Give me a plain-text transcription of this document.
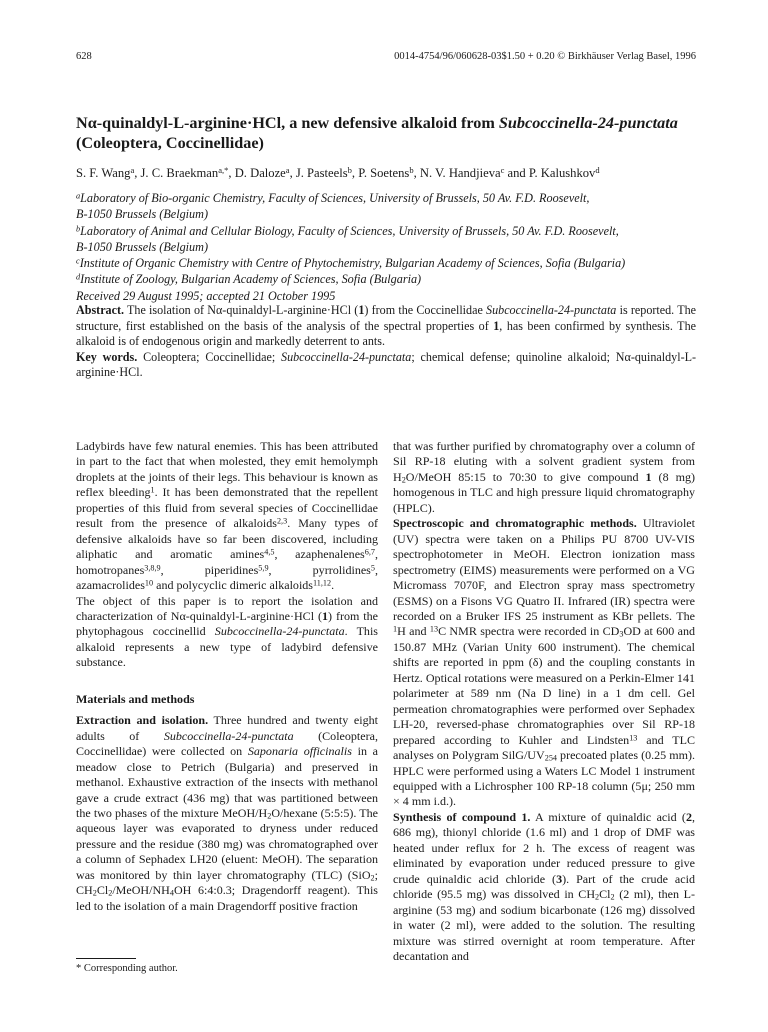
628	0014-4754/96/060628-03$1.50 + 0.20 © Birkhäuser Verlag Basel, 1996
Nα-quinaldyl-L-arginine·HCl, a new defensive alkaloid from Subcoccinella-24-punctata
(Coleoptera, Coccinellidae)

S. F. Wang$^a$, J. C. Braekman$^{a,*}$, D. Daloze$^a$, J. Pasteels$^b$, P. Soetens$^b$, N. V. Handjieva$^c$ and P. Kalushkov$^d$

$^a$Laboratory of Bio-organic Chemistry, Faculty of Sciences, University of Brussels, 50 Av. F.D. Roosevelt,
B-1050 Brussels (Belgium)
$^b$Laboratory of Animal and Cellular Biology, Faculty of Sciences, University of Brussels, 50 Av. F.D. Roosevelt,
B-1050 Brussels (Belgium)
$^c$Institute of Organic Chemistry with Centre of Phytochemistry, Bulgarian Academy of Sciences, Sofia (Bulgaria)
$^d$Institute of Zoology, Bulgarian Academy of Sciences, Sofia (Bulgaria)
Received 29 August 1995; accepted 21 October 1995

Abstract. The isolation of Nα-quinaldyl-L-arginine·HCl (1) from the Coccinellidae Subcoccinella-24-punctata is reported. The structure, first established on the basis of the analysis of the spectral properties of 1, has been confirmed by synthesis. The alkaloid is of endogenous origin and markedly deterrent to ants.

Key words. Coleoptera; Coccinellidae; Subcoccinella-24-punctata; chemical defense; quinoline alkaloid; Nα-quinaldyl-L-arginine·HCl.

Ladybirds have few natural enemies. This has been attributed in part to the fact that when molested, they emit hemolymph droplets at the joints of their legs. This behaviour is known as reflex bleeding$^1$. It has been demonstrated that the repellent properties of this fluid from several species of Coccinellidae result from the presence of alkaloids$^{2,3}$. Many types of defensive alkaloids have so far been discovered, including aliphatic and aromatic amines$^{4,5}$, azaphenalenes$^{6,7}$, homotropanes$^{3,8,9}$, piperidines$^{5,9}$, pyrrolidines$^5$, azamacrolides$^{10}$ and polycyclic dimeric alkaloids$^{11,12}$.

The object of this paper is to report the isolation and characterization of Nα-quinaldyl-L-arginine·HCl (1) from the phytophagous coccinellid Subcoccinella-24-punctata. This alkaloid represents a new type of ladybird defensive substance.

Materials and methods

Extraction and isolation. Three hundred and twenty eight adults of Subcoccinella-24-punctata (Coleoptera, Coccinellidae) were collected on Saponaria officinalis in a meadow close to Petrich (Bulgaria) and preserved in methanol. Exhaustive extraction of the insects with methanol gave a crude extract (436 mg) that was partitioned between the two phases of the mixture MeOH/$H_2O$/hexane (5:5:5). The aqueous layer was evaporated to dryness under reduced pressure and the residue (380 mg) was chromatographed over a column of Sephadex LH20 (eluent: MeOH). The separation was monitored by thin layer chromatography (TLC) (SiO$_2$; $CH_2Cl_2/MeOH/NH_4OH$ 6:4:0.3; Dragendorff reagent). This led to the isolation of a main Dragendorff positive fraction

that was further purified by chromatography over a column of Sil RP-18 eluting with a solvent gradient system from $H_2O$/MeOH 85:15 to 70:30 to give compound 1 (8 mg) homogenous in TLC and high pressure liquid chromatography (HPLC).

Spectroscopic and chromatographic methods. Ultraviolet (UV) spectra were taken on a Philips PU 8700 UV-VIS spectrophotometer in MeOH. Electron ionization mass spectrometry (EIMS) measurements were performed on a VG Micromass 7070F, and Electron spray mass spectrometry (ESMS) on a Fisons VG Quatro II. Infrared (IR) spectra were recorded on a Bruker IFS 25 instrument as KBr pellets. The $^1$H and $^{13}$C NMR spectra were recorded in $CD_3OD$ at 600 and 150.87 MHz (Varian Unity 600 instrument). The chemical shifts are reported in ppm (δ) and the coupling constants in Hertz. Optical rotations were measured on a Perkin-Elmer 141 polarimeter at 589 nm (Na D line) in a 1 dm cell. Gel permeation chromatographies were performed over Sephadex LH-20, reversed-phase chromatographies over Sil RP-18 prepared according to Kuhler and Lindsten$^{13}$ and TLC analyses on Polygram SilG/$UV_{254}$ precoated plates (0.25 mm). HPLC were performed using a Waters LC Model 1 instrument equipped with a Lichrospher 100 RP-18 column (5μ; 250 mm × 4 mm i.d.).

Synthesis of compound 1. A mixture of quinaldic acid (2, 686 mg), thionyl chloride (1.6 ml) and 1 drop of DMF was heated under reflux for 2 h. The excess of reagent was eliminated by evaporation under reduced pressure to give crude quinaldic acid chloride (3). Part of the crude acid chloride (95.5 mg) was dissolved in $CH_2Cl_2$ (2 ml), then L-arginine (53 mg) and sodium bicarbonate (126 mg) dissolved in water (2 ml), were added to the solution. The resulting mixture was stirred overnight at room temperature. After decantation and

* Corresponding author.
